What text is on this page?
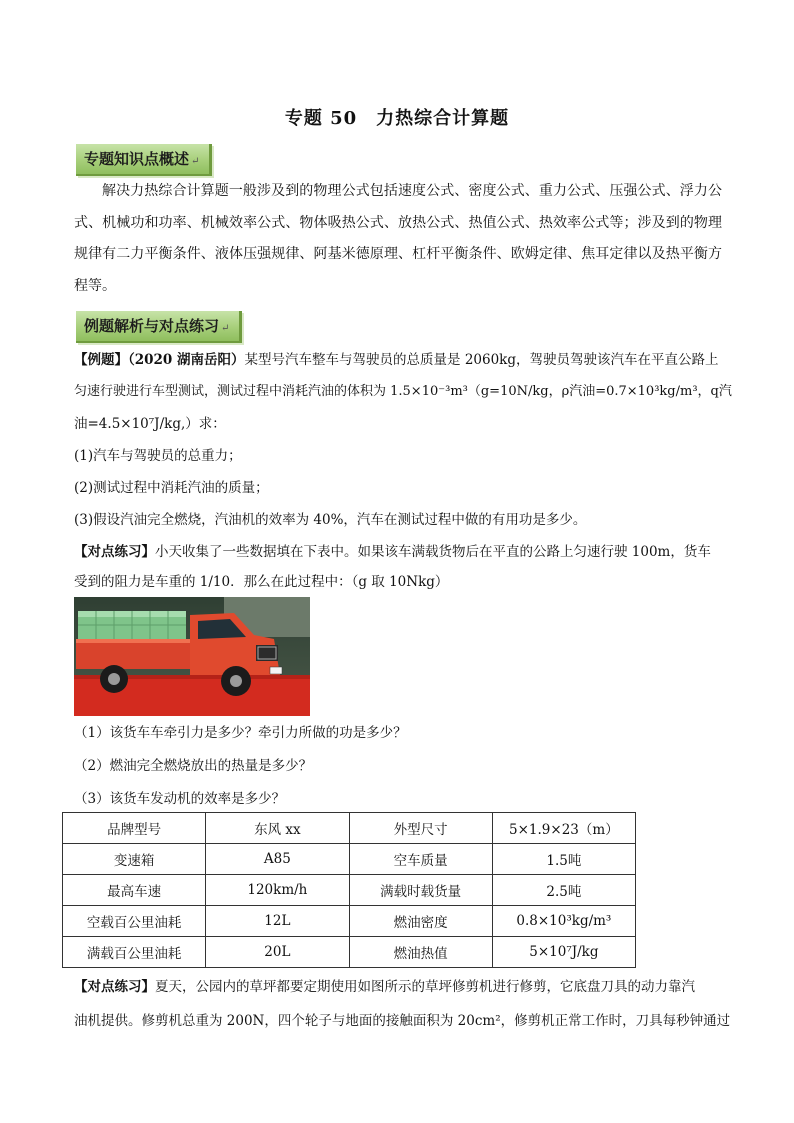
专题 50　力热综合计算题
专题知识点概述 ↵
解决力热综合计算题一般涉及到的物理公式包括速度公式、密度公式、重力公式、压强公式、浮力公式、机械功和功率、机械效率公式、物体吸热公式、放热公式、热值公式、热效率公式等；涉及到的物理规律有二力平衡条件、液体压强规律、阿基米德原理、杠杆平衡条件、欧姆定律、焦耳定律以及热平衡方程等。
例题解析与对点练习 ↵
【例题】（2020 湖南岳阳）某型号汽车整车与驾驶员的总质量是 2060kg，驾驶员驾驶该汽车在平直公路上
匀速行驶进行车型测试，测试过程中消耗汽油的体积为 1.5×10⁻³m³（g=10N/kg，ρ汽油=0.7×10³kg/m³，q汽
油=4.5×10⁷J/kg,）求：
(1)汽车与驾驶员的总重力；
(2)测试过程中消耗汽油的质量；
(3)假设汽油完全燃烧，汽油机的效率为 40%，汽车在测试过程中做的有用功是多少。
【对点练习】小天收集了一些数据填在下表中。如果该车满载货物后在平直的公路上匀速行驶 100m，货车
受到的阻力是车重的 1/10．那么在此过程中：（g 取 10Nkg）
（1）该货车车牵引力是多少？牵引力所做的功是多少？
（2）燃油完全燃烧放出的热量是多少？
（3）该货车发动机的效率是多少？
品牌型号	东风 xx	外型尺寸	5×1.9×23（m）
变速箱	A85	空车质量	1.5吨
最高车速	120km/h	满载时载货量	2.5吨
空载百公里油耗	12L	燃油密度	0.8×10³kg/m³
满载百公里油耗	20L	燃油热值	5×10⁷J/kg
【对点练习】夏天，公园内的草坪都要定期使用如图所示的草坪修剪机进行修剪，它底盘刀具的动力靠汽
油机提供。修剪机总重为 200N，四个轮子与地面的接触面积为 20cm²，修剪机正常工作时，刀具每秒钟通过
